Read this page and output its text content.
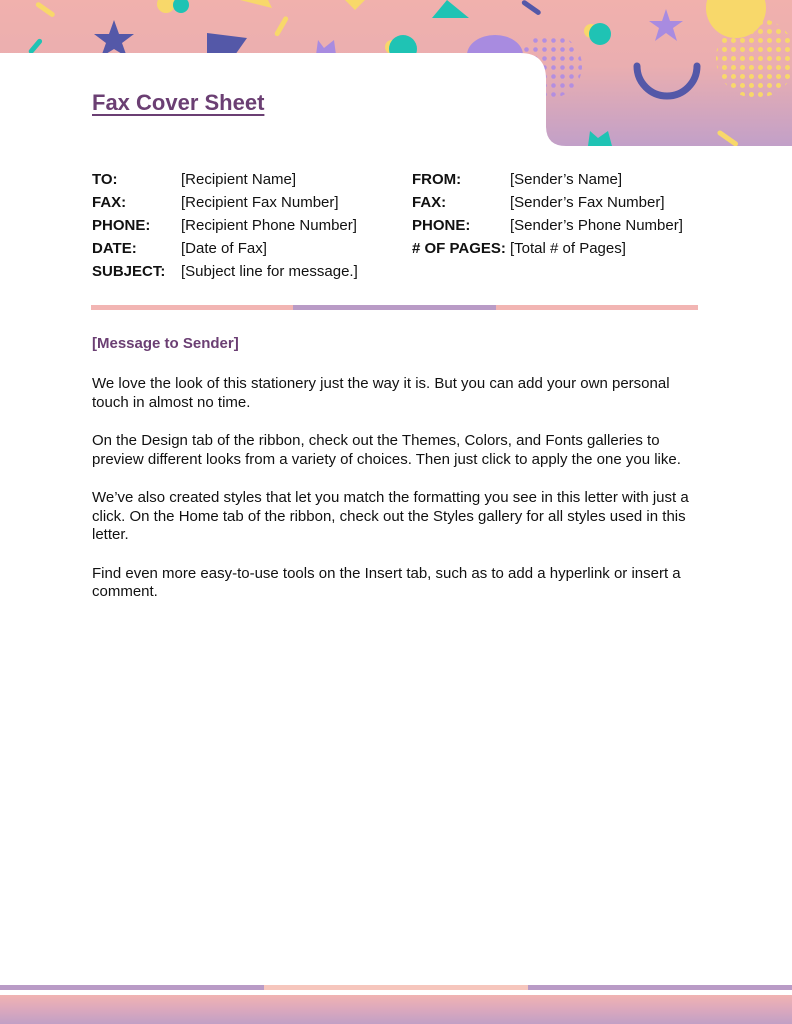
Fax Cover Sheet
TO:	[Recipient Name]
FAX:	[Recipient Fax Number]
PHONE:	[Recipient Phone Number]
DATE:	[Date of Fax]
SUBJECT:	[Subject line for message.]
FROM:	[Sender’s Name]
FAX:	[Sender’s Fax Number]
PHONE:	[Sender’s Phone Number]
# OF PAGES: [Total # of Pages]
[Message to Sender]

We love the look of this stationery just the way it is. But you can add your own personal touch in almost no time.

On the Design tab of the ribbon, check out the Themes, Colors, and Fonts galleries to preview different looks from a variety of choices. Then just click to apply the one you like.

We’ve also created styles that let you match the formatting you see in this letter with just a click. On the Home tab of the ribbon, check out the Styles gallery for all styles used in this letter.

Find even more easy-to-use tools on the Insert tab, such as to add a hyperlink or insert a comment.
